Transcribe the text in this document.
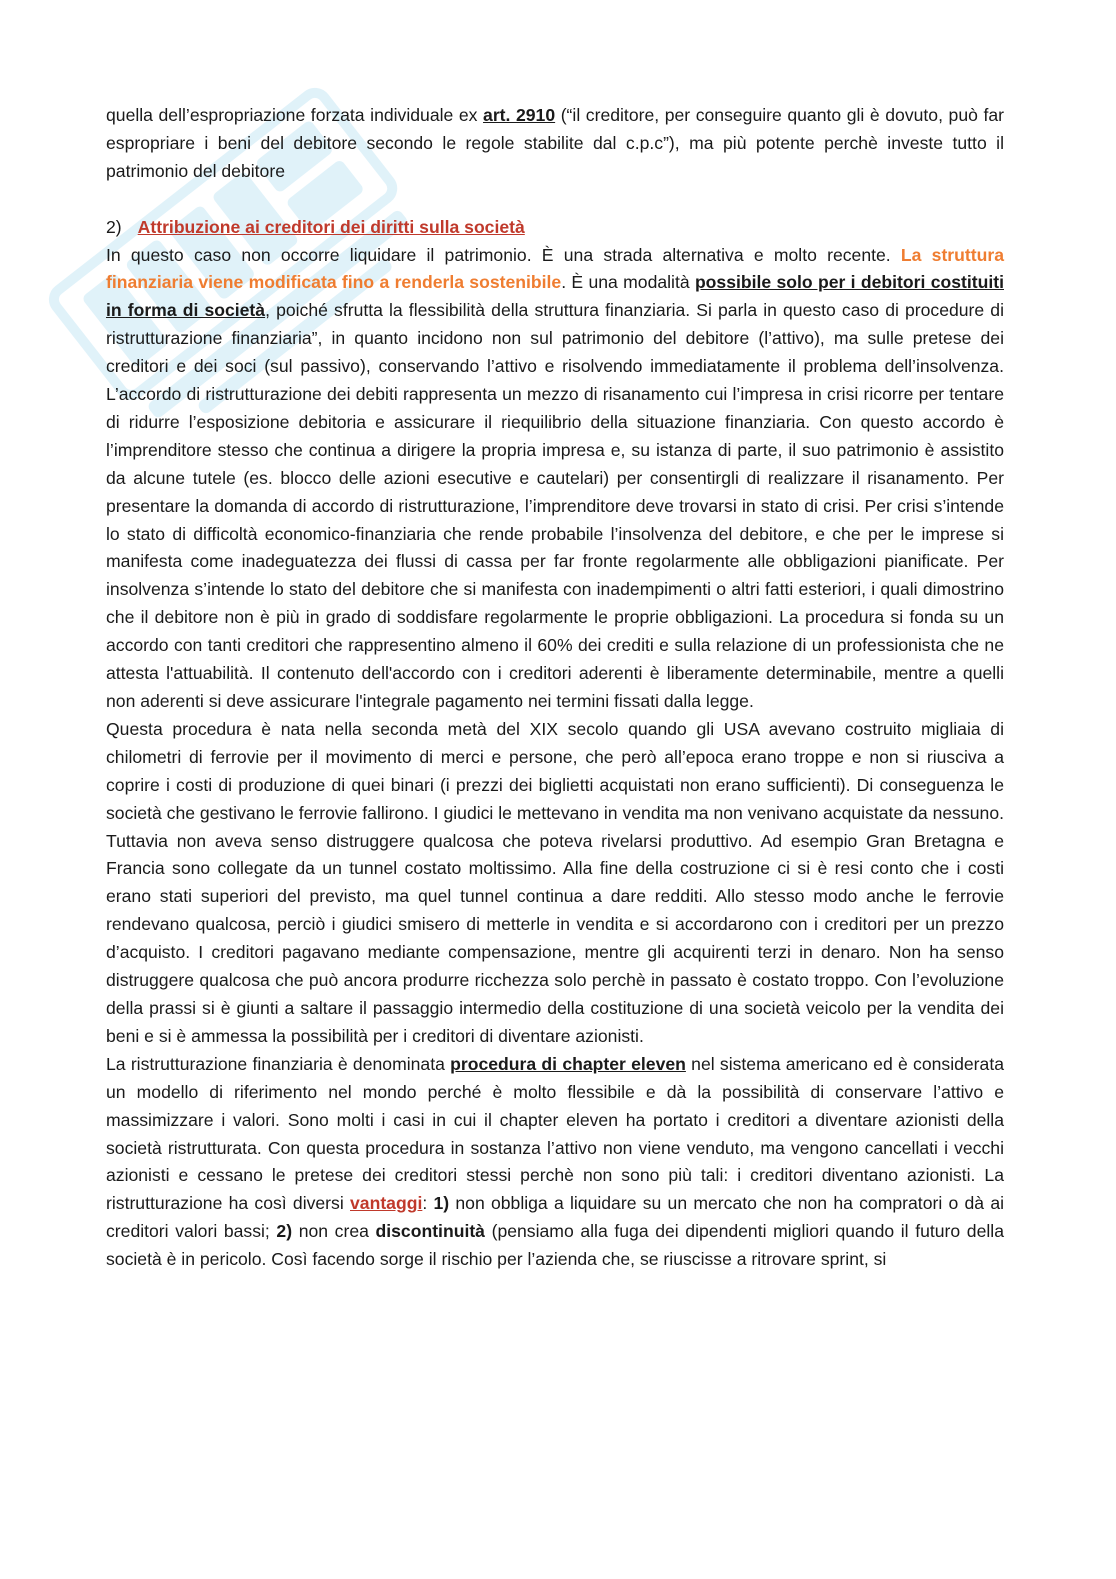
quella dell’espropriazione forzata individuale ex art. 2910 (“il creditore, per conseguire quanto gli è dovuto, può far espropriare i beni del debitore secondo le regole stabilite dal c.p.c”), ma più potente perchè investe tutto il patrimonio del debitore

2) Attribuzione ai creditori dei diritti sulla società

In questo caso non occorre liquidare il patrimonio. È una strada alternativa e molto recente. La struttura finanziaria viene modificata fino a renderla sostenibile. È una modalità possibile solo per i debitori costituiti in forma di società, poiché sfrutta la flessibilità della struttura finanziaria. Si parla in questo caso di procedure di ristrutturazione finanziaria”, in quanto incidono non sul patrimonio del debitore (l’attivo), ma sulle pretese dei creditori e dei soci (sul passivo), conservando l’attivo e risolvendo immediatamente il problema dell’insolvenza. L’accordo di ristrutturazione dei debiti rappresenta un mezzo di risanamento cui l’impresa in crisi ricorre per tentare di ridurre l’esposizione debitoria e assicurare il riequilibrio della situazione finanziaria. Con questo accordo è l’imprenditore stesso che continua a dirigere la propria impresa e, su istanza di parte, il suo patrimonio è assistito da alcune tutele (es. blocco delle azioni esecutive e cautelari) per consentirgli di realizzare il risanamento. Per presentare la domanda di accordo di ristrutturazione, l’imprenditore deve trovarsi in stato di crisi. Per crisi s’intende lo stato di difficoltà economico-finanziaria che rende probabile l’insolvenza del debitore, e che per le imprese si manifesta come inadeguatezza dei flussi di cassa per far fronte regolarmente alle obbligazioni pianificate. Per insolvenza s’intende lo stato del debitore che si manifesta con inadempimenti o altri fatti esteriori, i quali dimostrino che il debitore non è più in grado di soddisfare regolarmente le proprie obbligazioni. La procedura si fonda su un accordo con tanti creditori che rappresentino almeno il 60% dei crediti e sulla relazione di un professionista che ne attesta l'attuabilità. Il contenuto dell'accordo con i creditori aderenti è liberamente determinabile, mentre a quelli non aderenti si deve assicurare l'integrale pagamento nei termini fissati dalla legge.

Questa procedura è nata nella seconda metà del XIX secolo quando gli USA avevano costruito migliaia di chilometri di ferrovie per il movimento di merci e persone, che però all’epoca erano troppe e non si riusciva a coprire i costi di produzione di quei binari (i prezzi dei biglietti acquistati non erano sufficienti). Di conseguenza le società che gestivano le ferrovie fallirono. I giudici le mettevano in vendita ma non venivano acquistate da nessuno. Tuttavia non aveva senso distruggere qualcosa che poteva rivelarsi produttivo. Ad esempio Gran Bretagna e Francia sono collegate da un tunnel costato moltissimo. Alla fine della costruzione ci si è resi conto che i costi erano stati superiori del previsto, ma quel tunnel continua a dare redditi. Allo stesso modo anche le ferrovie rendevano qualcosa, perciò i giudici smisero di metterle in vendita e si accordarono con i creditori per un prezzo d’acquisto. I creditori pagavano mediante compensazione, mentre gli acquirenti terzi in denaro. Non ha senso distruggere qualcosa che può ancora produrre ricchezza solo perchè in passato è costato troppo. Con l’evoluzione della prassi si è giunti a saltare il passaggio intermedio della costituzione di una società veicolo per la vendita dei beni e si è ammessa la possibilità per i creditori di diventare azionisti.

La ristrutturazione finanziaria è denominata procedura di chapter eleven nel sistema americano ed è considerata un modello di riferimento nel mondo perché è molto flessibile e dà la possibilità di conservare l’attivo e massimizzare i valori. Sono molti i casi in cui il chapter eleven ha portato i creditori a diventare azionisti della società ristrutturata. Con questa procedura in sostanza l’attivo non viene venduto, ma vengono cancellati i vecchi azionisti e cessano le pretese dei creditori stessi perchè non sono più tali: i creditori diventano azionisti. La ristrutturazione ha così diversi vantaggi: 1) non obbliga a liquidare su un mercato che non ha compratori o dà ai creditori valori bassi; 2) non crea discontinuità (pensiamo alla fuga dei dipendenti migliori quando il futuro della società è in pericolo. Così facendo sorge il rischio per l’azienda che, se riuscisse a ritrovare sprint, si
